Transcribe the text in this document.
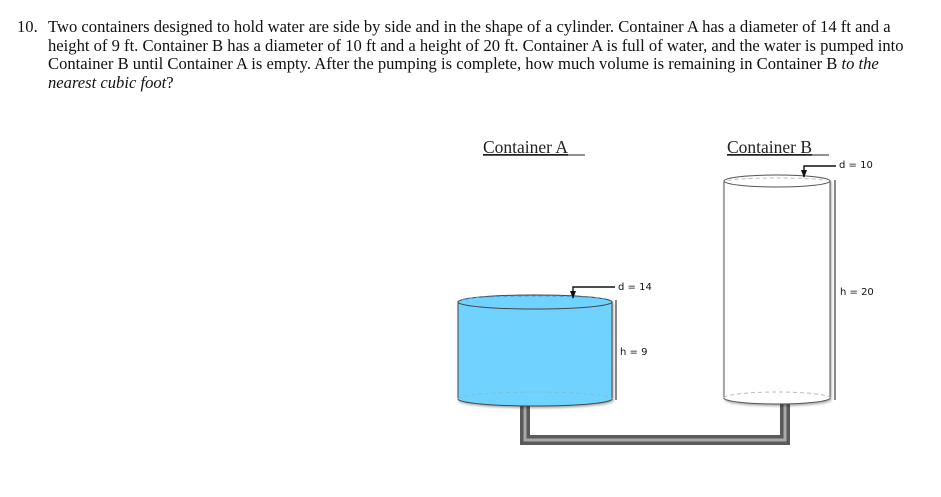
10. Two containers designed to hold water are side by side and in the shape of a cylinder. Container A has a diameter of 14 ft and a height of 9 ft. Container B has a diameter of 10 ft and a height of 20 ft. Container A is full of water, and the water is pumped into Container B until Container A is empty. After the pumping is complete, how much volume is remaining in Container B to the nearest cubic foot?
Container A	Container B
d = 14
h = 9
d = 10
h = 20
